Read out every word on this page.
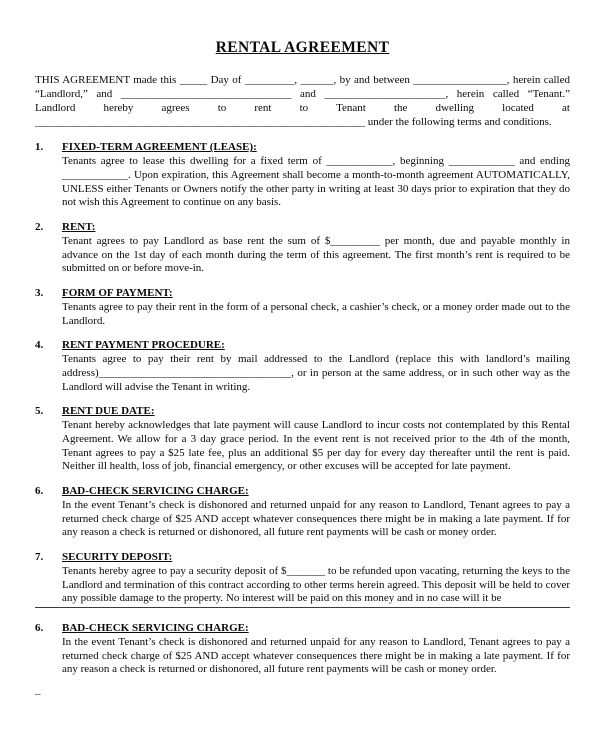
RENTAL AGREEMENT
THIS AGREEMENT made this _____ Day of _________, ______, by and between _________________, herein called “Landlord,” and _______________________________ and ______________________, herein called “Tenant.” Landlord hereby agrees to rent to Tenant the dwelling located at ____________________________________________________________ under the following terms and conditions.
1.	FIXED-TERM AGREEMENT (LEASE):
Tenants agree to lease this dwelling for a fixed term of ____________, beginning ____________ and ending ____________. Upon expiration, this Agreement shall become a month-to-month agreement AUTOMATICALLY, UNLESS either Tenants or Owners notify the other party in writing at least 30 days prior to expiration that they do not wish this Agreement to continue on any basis.
2.	RENT:
Tenant agrees to pay Landlord as base rent the sum of $_________ per month, due and payable monthly in advance on the 1st day of each month during the term of this agreement. The first month’s rent is required to be submitted on or before move-in.
3.	FORM OF PAYMENT:
Tenants agree to pay their rent in the form of a personal check, a cashier’s check, or a money order made out to the Landlord.
4.	RENT PAYMENT PROCEDURE:
Tenants agree to pay their rent by mail addressed to the Landlord (replace this with landlord’s mailing address)___________________________________, or in person at the same address, or in such other way as the Landlord will advise the Tenant in writing.
5.	RENT DUE DATE:
Tenant hereby acknowledges that late payment will cause Landlord to incur costs not contemplated by this Rental Agreement. We allow for a 3 day grace period. In the event rent is not received prior to the 4th of the month, Tenant agrees to pay a $25 late fee, plus an additional $5 per day for every day thereafter until the rent is paid. Neither ill health, loss of job, financial emergency, or other excuses will be accepted for late payment.
6.	BAD-CHECK SERVICING CHARGE:
In the event Tenant’s check is dishonored and returned unpaid for any reason to Landlord, Tenant agrees to pay a returned check charge of $25 AND accept whatever consequences there might be in making a late payment. If for any reason a check is returned or dishonored, all future rent payments will be cash or money order.
7.	SECURITY DEPOSIT:
Tenants hereby agree to pay a security deposit of $_______ to be refunded upon vacating, returning the keys to the Landlord and termination of this contract according to other terms herein agreed. This deposit will be held to cover any possible damage to the property. No interest will be paid on this money and in no case will it be
6.	BAD-CHECK SERVICING CHARGE:
In the event Tenant’s check is dishonored and returned unpaid for any reason to Landlord, Tenant agrees to pay a returned check charge of $25 AND accept whatever consequences there might be in making a late payment. If for any reason a check is returned or dishonored, all future rent payments will be cash or money order.
–
